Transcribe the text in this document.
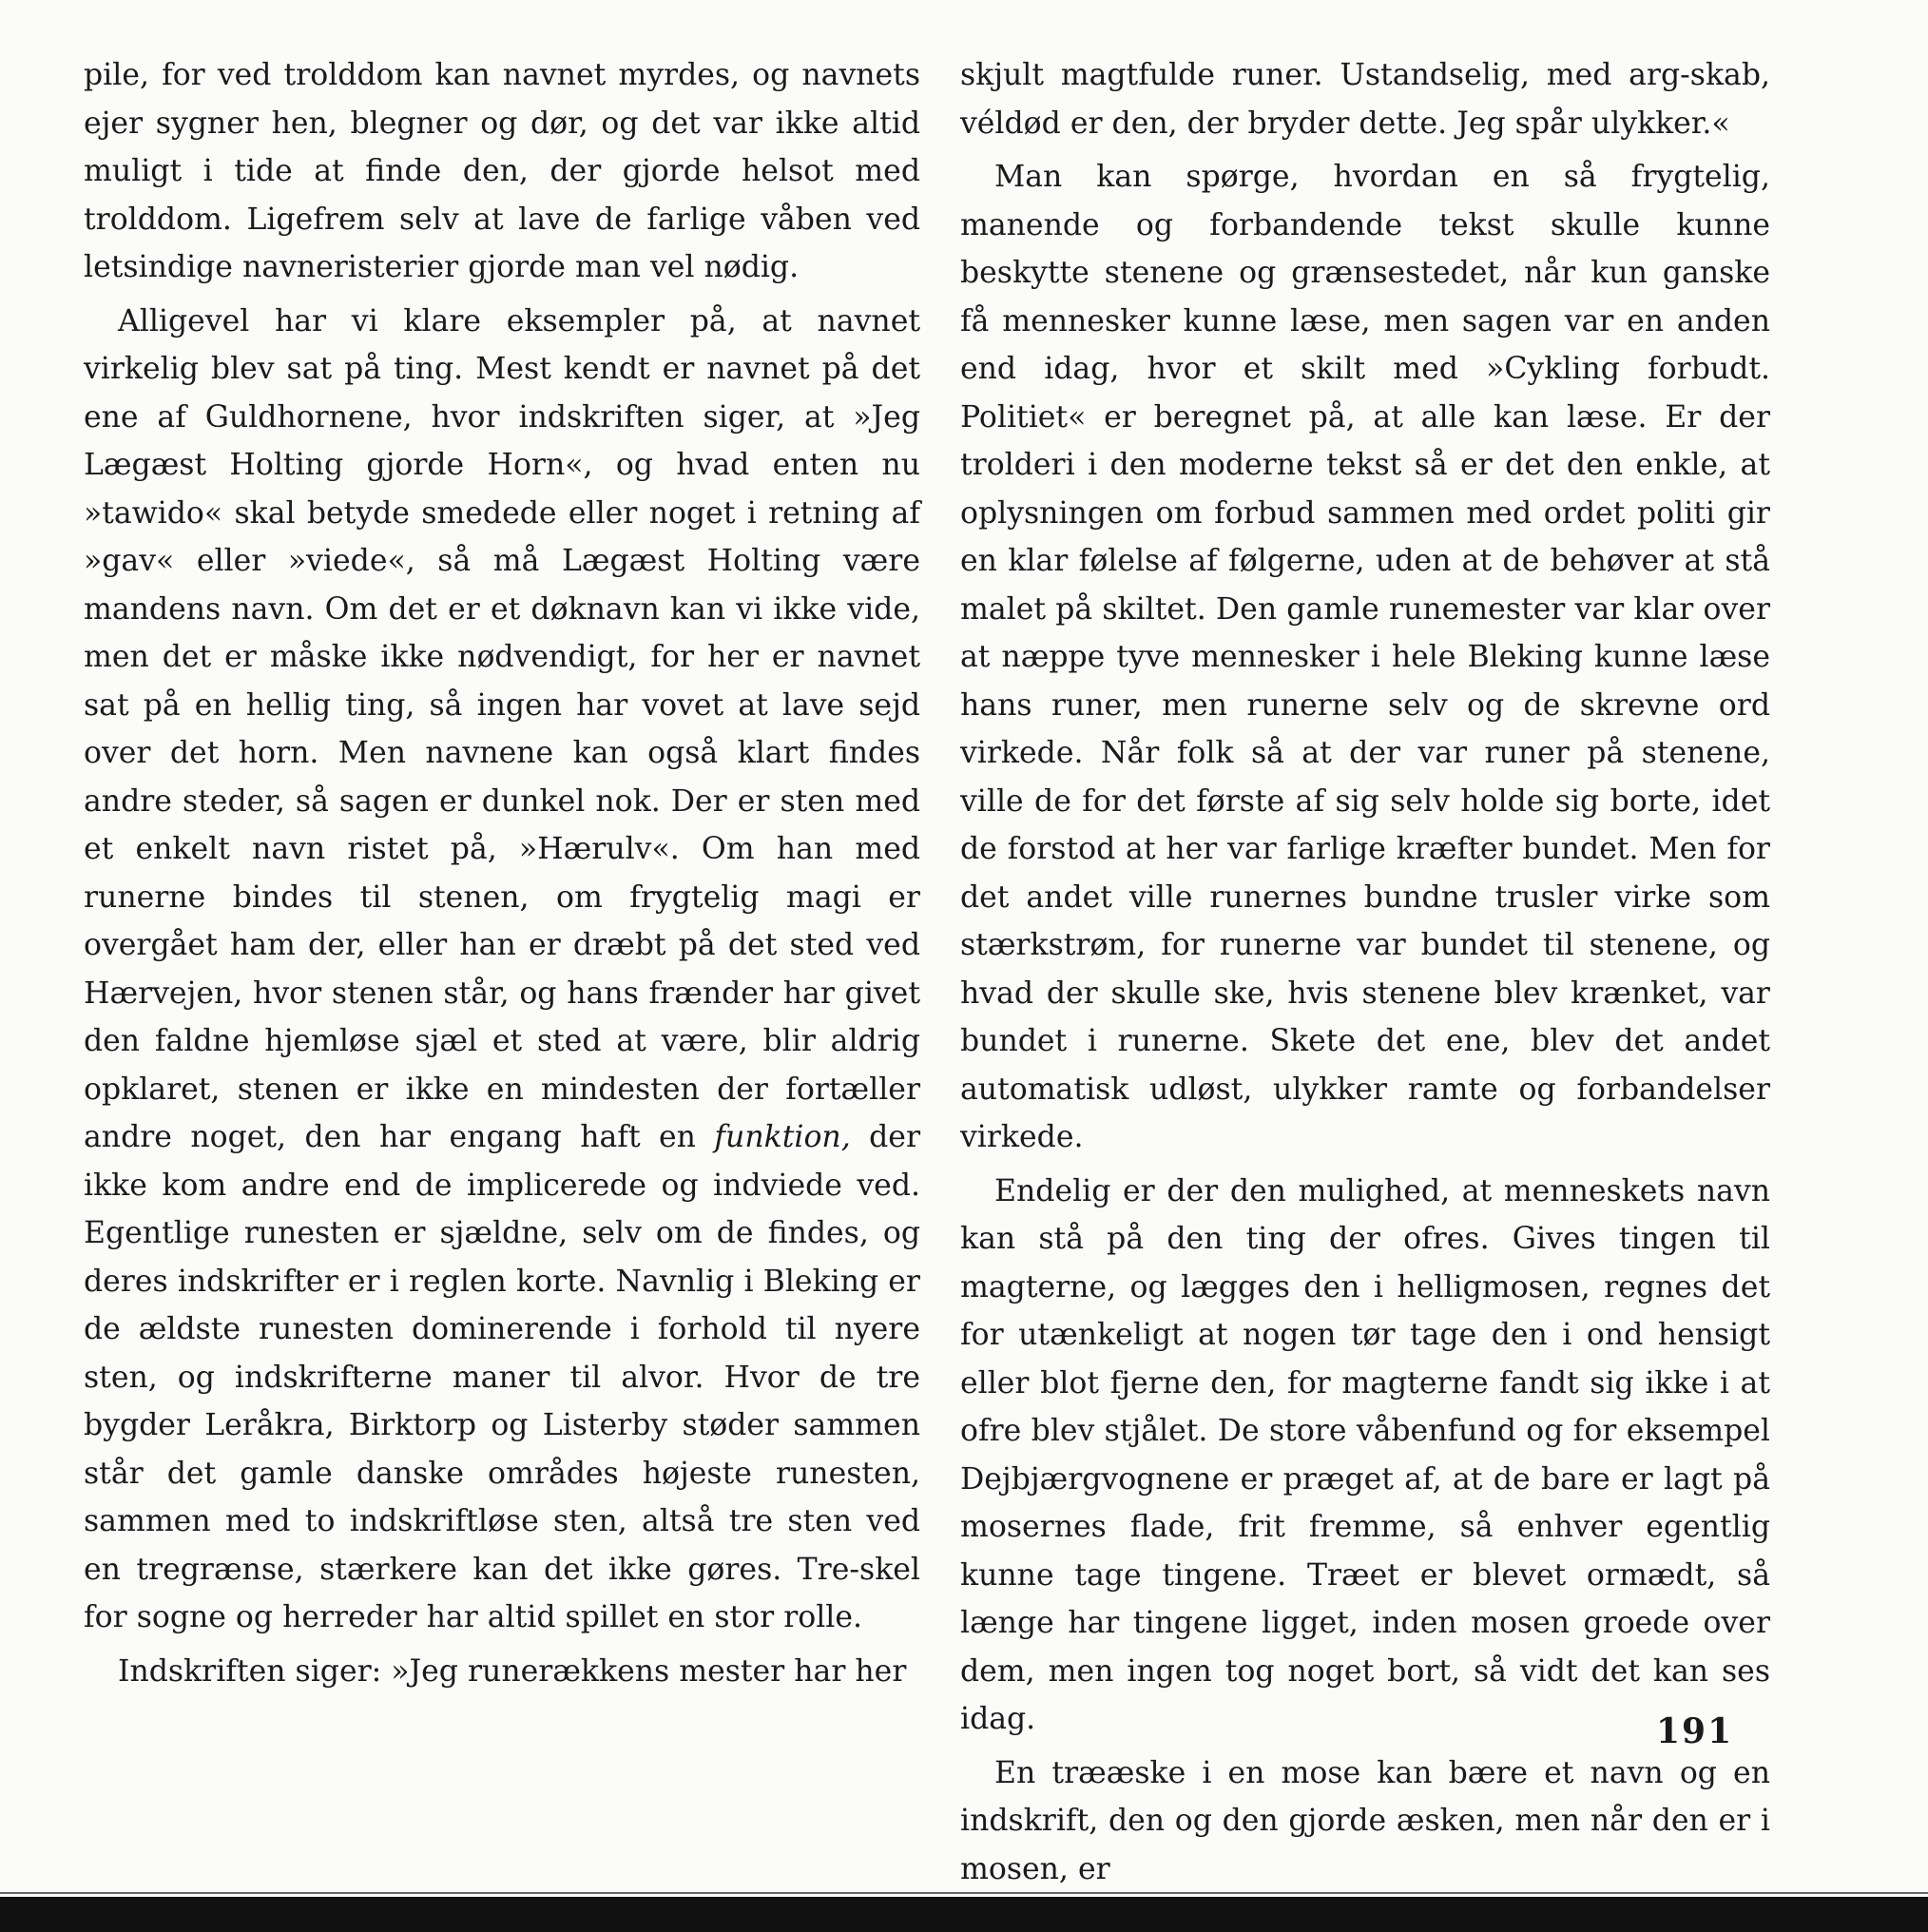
pile, for ved trolddom kan navnet myrdes, og navnets ejer sygner hen, blegner og dør, og det var ikke altid muligt i tide at finde den, der gjorde helsot med trolddom. Ligefrem selv at lave de farlige våben ved letsindige navneristerier gjorde man vel nødig.

Alligevel har vi klare eksempler på, at navnet virkelig blev sat på ting. Mest kendt er navnet på det ene af Guldhornene, hvor indskriften siger, at »Jeg Lægæst Holting gjorde Horn«, og hvad enten nu »tawido« skal betyde smedede eller noget i retning af »gav« eller »viede«, så må Lægæst Holting være mandens navn. Om det er et døknavn kan vi ikke vide, men det er måske ikke nødvendigt, for her er navnet sat på en hellig ting, så ingen har vovet at lave sejd over det horn. Men navnene kan også klart findes andre steder, så sagen er dunkel nok. Der er sten med et enkelt navn ristet på, »Hærulv«. Om han med runerne bindes til stenen, om frygtelig magi er overgået ham der, eller han er dræbt på det sted ved Hærvejen, hvor stenen står, og hans frænder har givet den faldne hjemløse sjæl et sted at være, blir aldrig opklaret, stenen er ikke en mindesten der fortæller andre noget, den har engang haft en funktion, der ikke kom andre end de implicerede og indviede ved. Egentlige runesten er sjældne, selv om de findes, og deres indskrifter er i reglen korte. Navnlig i Bleking er de ældste runesten dominerende i forhold til nyere sten, og indskrifterne maner til alvor. Hvor de tre bygder Leråkra, Birktorp og Listerby støder sammen står det gamle danske områdes højeste runesten, sammen med to indskriftløse sten, altså tre sten ved en tregrænse, stærkere kan det ikke gøres. Tre-skel for sogne og herreder har altid spillet en stor rolle.

Indskriften siger: »Jeg runerækkens mester har her

skjult magtfulde runer. Ustandselig, med arg-skab, véldød er den, der bryder dette. Jeg spår ulykker.«

Man kan spørge, hvordan en så frygtelig, manende og forbandende tekst skulle kunne beskytte stenene og grænsestedet, når kun ganske få mennesker kunne læse, men sagen var en anden end idag, hvor et skilt med »Cykling forbudt. Politiet« er beregnet på, at alle kan læse. Er der trolderi i den moderne tekst så er det den enkle, at oplysningen om forbud sammen med ordet politi gir en klar følelse af følgerne, uden at de behøver at stå malet på skiltet. Den gamle runemester var klar over at næppe tyve mennesker i hele Bleking kunne læse hans runer, men runerne selv og de skrevne ord virkede. Når folk så at der var runer på stenene, ville de for det første af sig selv holde sig borte, idet de forstod at her var farlige kræfter bundet. Men for det andet ville runernes bundne trusler virke som stærkstrøm, for runerne var bundet til stenene, og hvad der skulle ske, hvis stenene blev krænket, var bundet i runerne. Skete det ene, blev det andet automatisk udløst, ulykker ramte og forbandelser virkede.

Endelig er der den mulighed, at menneskets navn kan stå på den ting der ofres. Gives tingen til magterne, og lægges den i helligmosen, regnes det for utænkeligt at nogen tør tage den i ond hensigt eller blot fjerne den, for magterne fandt sig ikke i at ofre blev stjålet. De store våbenfund og for eksempel Dejbjærgvognene er præget af, at de bare er lagt på mosernes flade, frit fremme, så enhver egentlig kunne tage tingene. Træet er blevet ormædt, så længe har tingene ligget, inden mosen groede over dem, men ingen tog noget bort, så vidt det kan ses idag.

En trææske i en mose kan bære et navn og en indskrift, den og den gjorde æsken, men når den er i mosen, er

191
